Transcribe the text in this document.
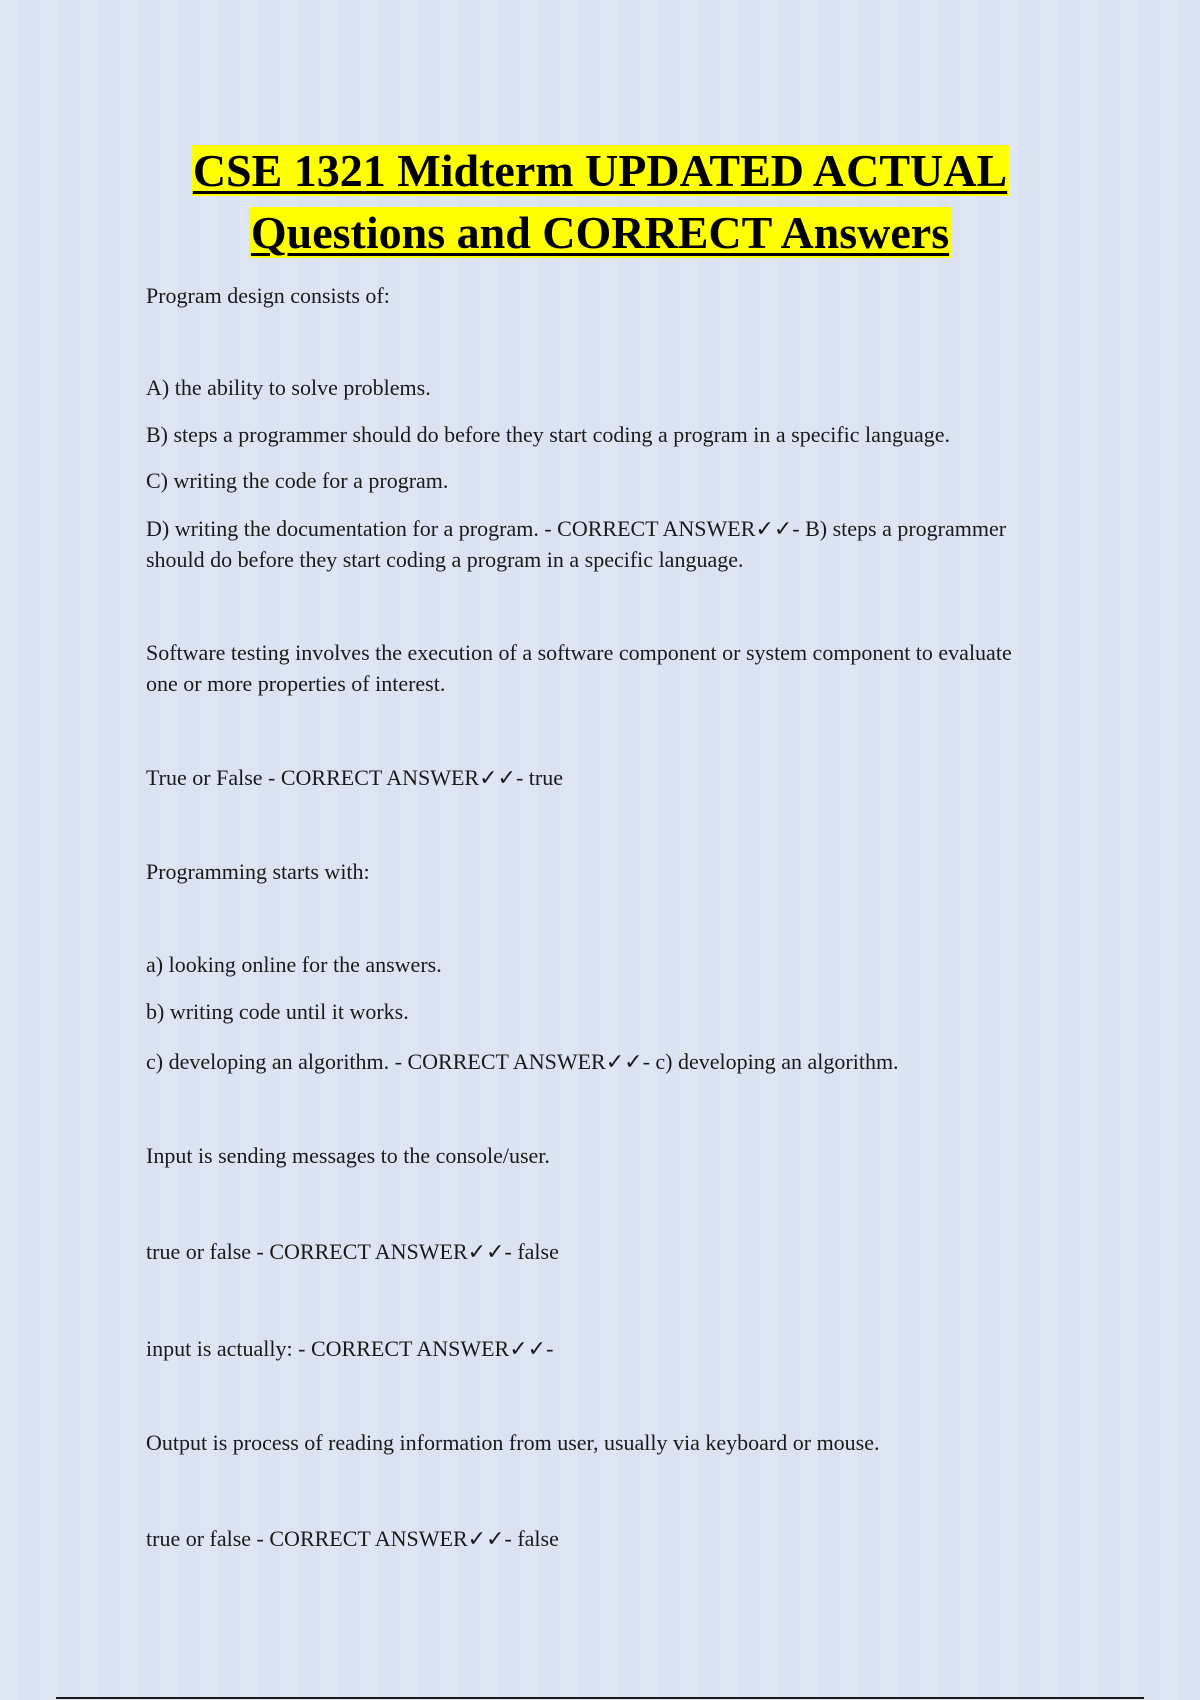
CSE 1321 Midterm UPDATED ACTUAL
Questions and CORRECT Answers

Program design consists of:

A) the ability to solve problems.

B) steps a programmer should do before they start coding a program in a specific language.

C) writing the code for a program.

D) writing the documentation for a program. - CORRECT ANSWER✓✓- B) steps a programmer should do before they start coding a program in a specific language.

Software testing involves the execution of a software component or system component to evaluate one or more properties of interest.

True or False - CORRECT ANSWER✓✓- true

Programming starts with:

a) looking online for the answers.

b) writing code until it works.

c) developing an algorithm. - CORRECT ANSWER✓✓- c) developing an algorithm.

Input is sending messages to the console/user.

true or false - CORRECT ANSWER✓✓- false

input is actually: - CORRECT ANSWER✓✓-

Output is process of reading information from user, usually via keyboard or mouse.

true or false - CORRECT ANSWER✓✓- false
